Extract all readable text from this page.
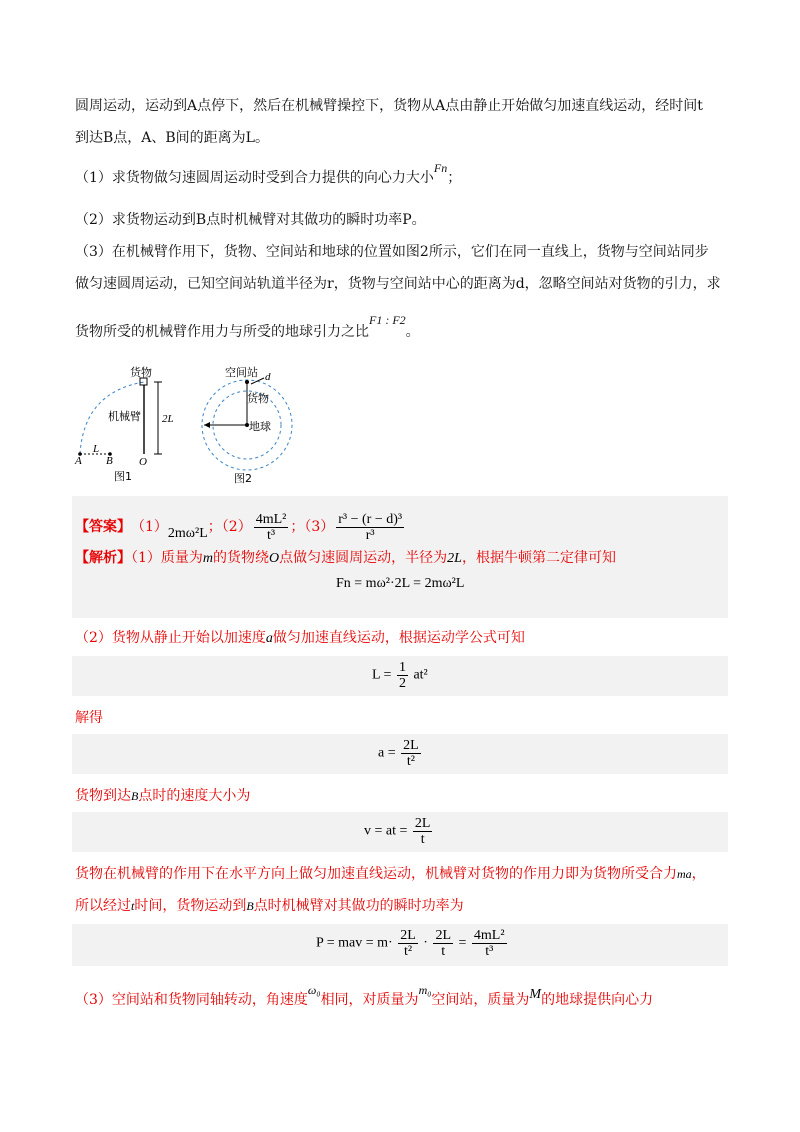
圆周运动，运动到A点停下，然后在机械臂操控下，货物从A点由静止开始做匀加速直线运动，经时间t
到达B点，A、B间的距离为L。
（1）求货物做匀速圆周运动时受到合力提供的向心力大小Fn；
（2）求货物运动到B点时机械臂对其做功的瞬时功率P。
（3）在机械臂作用下，货物、空间站和地球的位置如图2所示，它们在同一直线上，货物与空间站同步
做匀速圆周运动，已知空间站轨道半径为r，货物与空间站中心的距离为d，忽略空间站对货物的引力，求
货物所受的机械臂作用力与所受的地球引力之比F1 : F2。
货物
机械臂 2L
L
A B O
图1
空间站 d
货物
地球
图2
【答案】 （1） 2mω²L ；$(2) \frac{\text{4mL²}}{\text{t³}}$ ；$(3) \frac{\text{r³ − (r − d)³}}{\text{r³}}$
【解析】（1）质量为m的货物绕O点做匀速圆周运动，半径为2L，根据牛顿第二定律可知
Fn = mω²·2L = 2mω²L
（2）货物从静止开始以加速度a做匀加速直线运动，根据运动学公式可知
$L = \frac{1}{2} at^2$
解得
$a = \frac{2L}{\text{t²}}$
货物到达B点时的速度大小为
v = at = $\frac{2L}{t}$
货物在机械臂的作用下在水平方向上做匀加速直线运动，机械臂对货物的作用力即为货物所受合力ma，
所以经过t时间，货物运动到B点时机械臂对其做功的瞬时功率为
P = mav = $m\cdot \frac{2L}{\text{t²}} \cdot \frac{2L}{t} = \frac{\text{4mL²}}{\text{t³}}$
（3）空间站和货物同轴转动，角速度ω₀相同，对质量为m₀空间站，质量为M的地球提供向心力
